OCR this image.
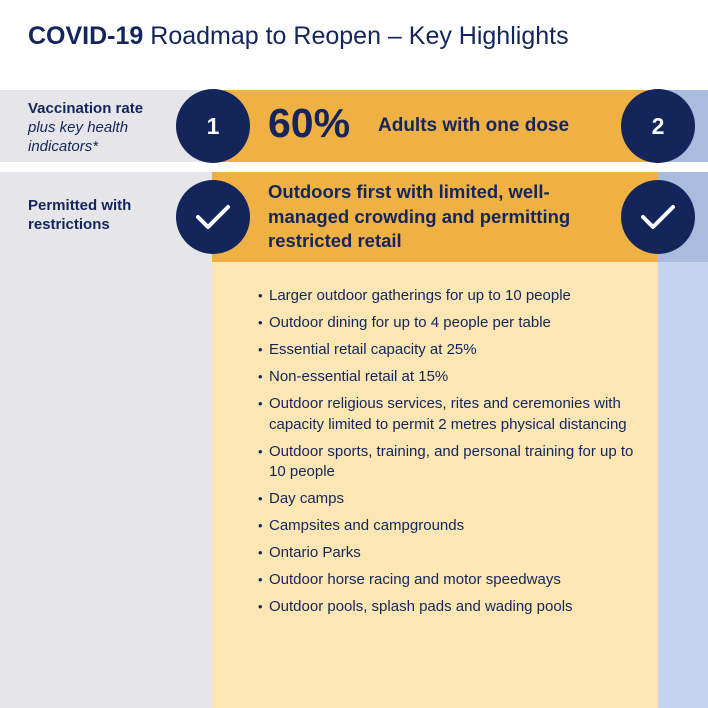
COVID-19 Roadmap to Reopen – Key Highlights
Vaccination rate
plus key health indicators*
Permitted with restrictions
60% Adults with one dose
Outdoors first with limited, well-managed crowding and permitting restricted retail
1	2
• Larger outdoor gatherings for up to 10 people
• Outdoor dining for up to 4 people per table
• Essential retail capacity at 25%
• Non-essential retail at 15%
• Outdoor religious services, rites and ceremonies with capacity limited to permit 2 metres physical distancing
• Outdoor sports, training, and personal training for up to 10 people
• Day camps
• Campsites and campgrounds
• Ontario Parks
• Outdoor horse racing and motor speedways
• Outdoor pools, splash pads and wading pools
